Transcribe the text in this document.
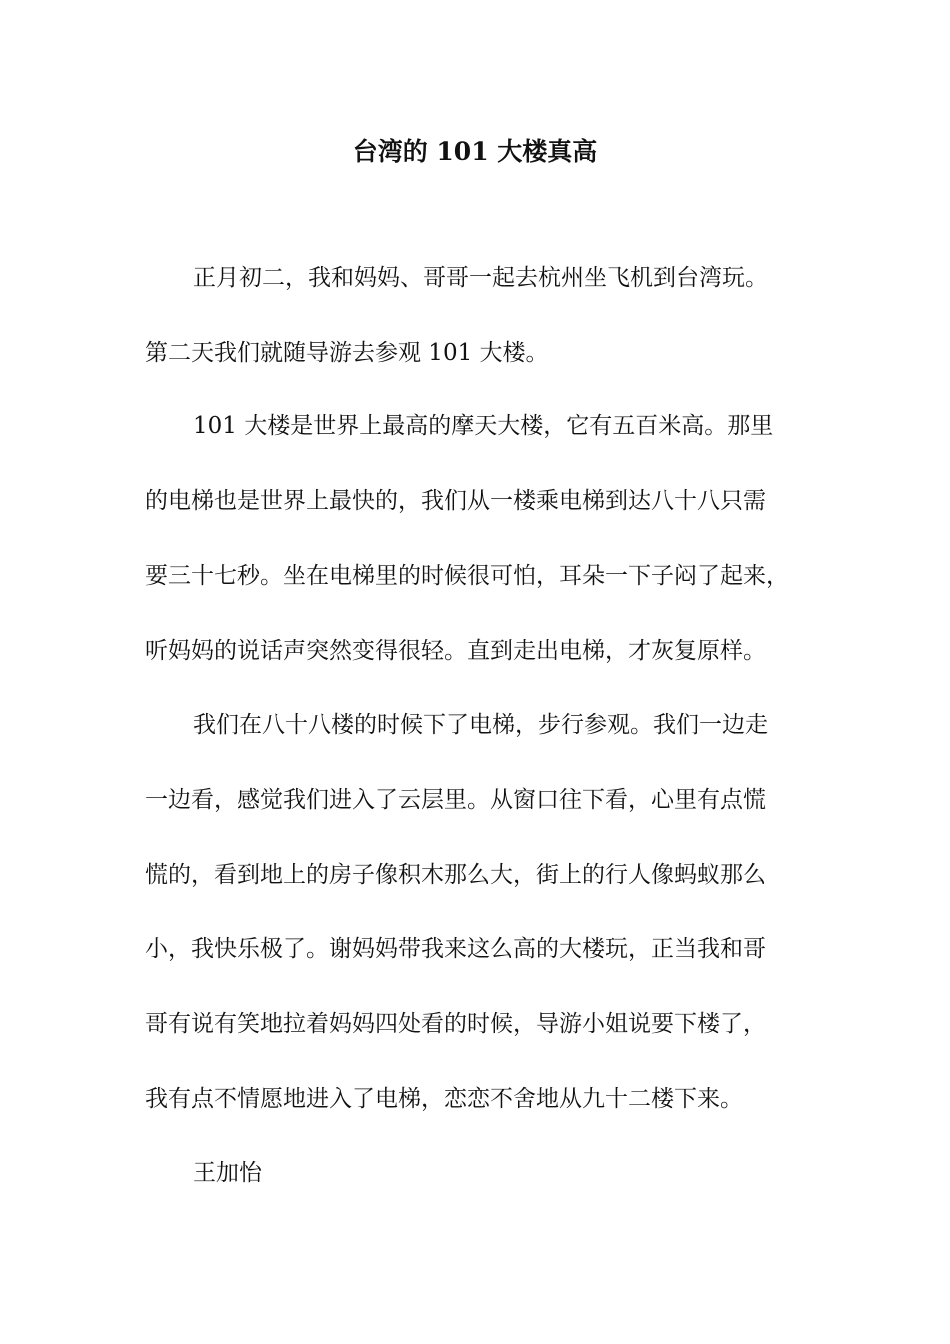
台湾的 101 大楼真高

正月初二，我和妈妈、哥哥一起去杭州坐飞机到台湾玩。

第二天我们就随导游去参观 101 大楼。

101 大楼是世界上最高的摩天大楼，它有五百米高。那里

的电梯也是世界上最快的，我们从一楼乘电梯到达八十八只需

要三十七秒。坐在电梯里的时候很可怕，耳朵一下子闷了起来，

听妈妈的说话声突然变得很轻。直到走出电梯，才灰复原样。

我们在八十八楼的时候下了电梯，步行参观。我们一边走

一边看，感觉我们进入了云层里。从窗口往下看，心里有点慌

慌的，看到地上的房子像积木那么大，街上的行人像蚂蚁那么

小，我快乐极了。谢妈妈带我来这么高的大楼玩，正当我和哥

哥有说有笑地拉着妈妈四处看的时候，导游小姐说要下楼了，

我有点不情愿地进入了电梯，恋恋不舍地从九十二楼下来。

王加怡
